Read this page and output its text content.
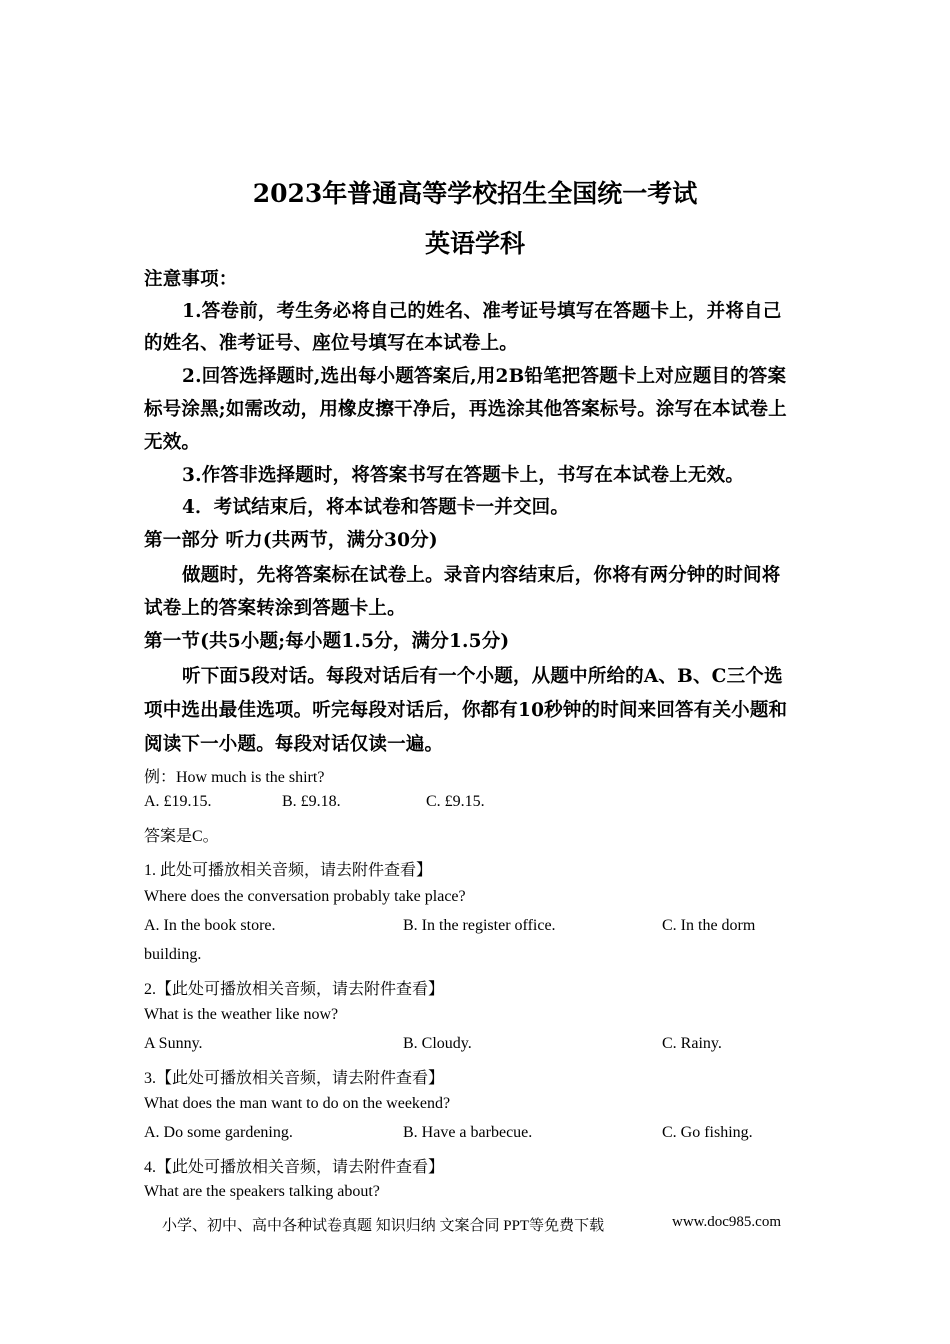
2023年普通高等学校招生全国统一考试
英语学科
注意事项：
1.答卷前，考生务必将自己的姓名、准考证号填写在答题卡上，并将自己
的姓名、准考证号、座位号填写在本试卷上。
2.回答选择题时,选出每小题答案后,用2B铅笔把答题卡上对应题目的答案
标号涂黑;如需改动，用橡皮擦干净后，再选涂其他答案标号。涂写在本试卷上
无效。
3.作答非选择题时，将答案书写在答题卡上，书写在本试卷上无效。
4．考试结束后，将本试卷和答题卡一并交回。
第一部分 听力(共两节，满分30分)
做题时，先将答案标在试卷上。录音内容结束后，你将有两分钟的时间将
试卷上的答案转涂到答题卡上。
第一节(共5小题;每小题1.5分，满分1.5分)
听下面5段对话。每段对话后有一个小题，从题中所给的A、B、C三个选
项中选出最佳选项。听完每段对话后，你都有10秒钟的时间来回答有关小题和
阅读下一小题。每段对话仅读一遍。
例：How much is the shirt?
A. £19.15.	B. £9.18.	C. £9.15.
答案是C。
1. 此处可播放相关音频，请去附件查看】
Where does the conversation probably take place?
A. In the book store.	B. In the register office.	C. In the dorm
building.
2.【此处可播放相关音频，请去附件查看】
What is the weather like now?
A Sunny.	B. Cloudy.	C. Rainy.
3.【此处可播放相关音频，请去附件查看】
What does the man want to do on the weekend?
A. Do some gardening.	B. Have a barbecue.	C. Go fishing.
4.【此处可播放相关音频，请去附件查看】
What are the speakers talking about?
小学、初中、高中各种试卷真题 知识归纳 文案合同 PPT等免费下载	www.doc985.com
